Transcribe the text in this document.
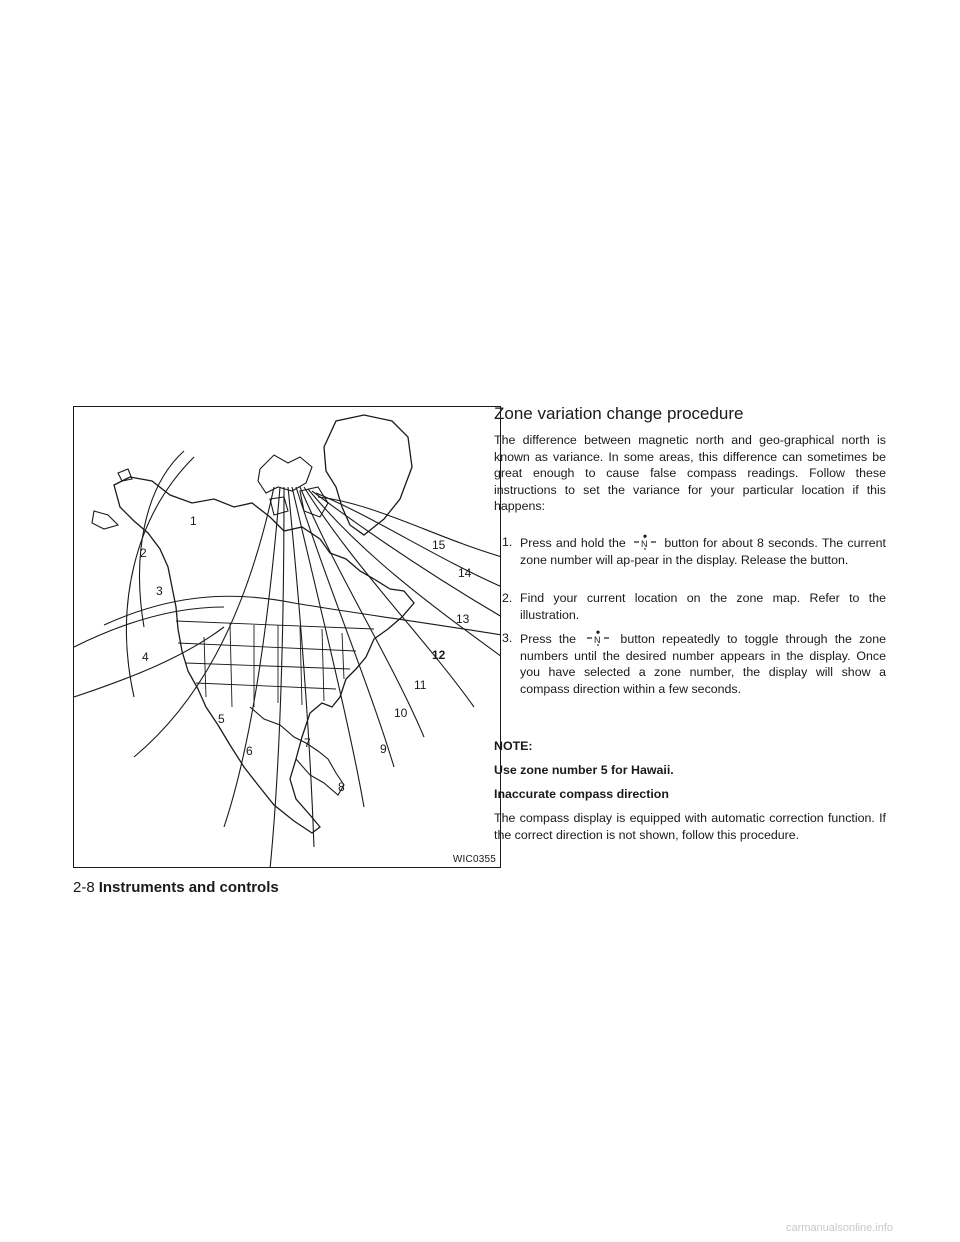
1
2
3
4
5
6
7
8
9
10
11
12
13
14
15
WIC0355
Zone variation change procedure

The difference between magnetic north and geo-graphical north is known as variance. In some areas, this difference can sometimes be great enough to cause false compass readings. Follow these instructions to set the variance for your particular location if this happens:

1. Press and hold the N button for about 8 seconds. The current zone number will ap-pear in the display. Release the button.
2. Find your current location on the zone map. Refer to the illustration.
3. Press the N button repeatedly to toggle through the zone numbers until the desired number appears in the display. Once you have selected a zone number, the display will show a compass direction within a few seconds.

NOTE:

Use zone number 5 for Hawaii.

Inaccurate compass direction

The compass display is equipped with automatic correction function. If the correct direction is not shown, follow this procedure.

2-8 Instruments and controls
carmanualsonline.info
